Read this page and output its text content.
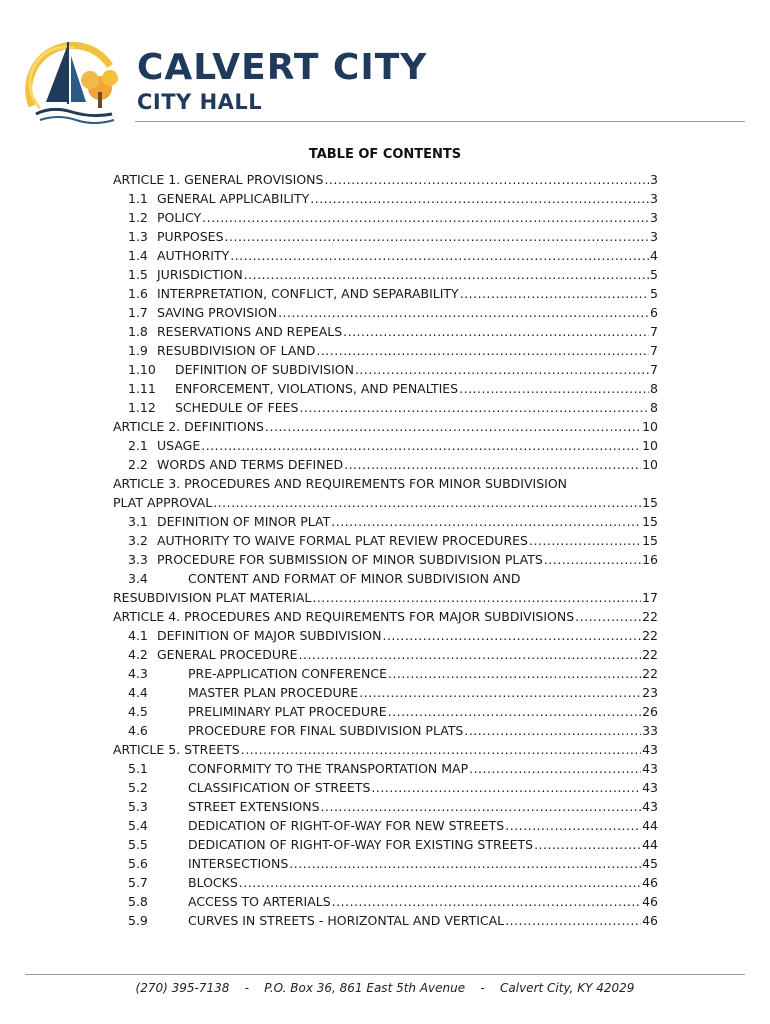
CALVERT CITY
CITY HALL
TABLE OF CONTENTS
ARTICLE 1. GENERAL PROVISIONS .....	3
1.1 GENERAL APPLICABILITY .....	3
1.2 POLICY .....	3
1.3 PURPOSES .....	3
1.4 AUTHORITY .....	4
1.5 JURISDICTION .....	5
1.6 INTERPRETATION, CONFLICT, AND SEPARABILITY .....	5
1.7 SAVING PROVISION .....	6
1.8 RESERVATIONS AND REPEALS .....	7
1.9 RESUBDIVISION OF LAND .....	7
1.10	DEFINITION OF SUBDIVISION .....	7
1.11	ENFORCEMENT, VIOLATIONS, AND PENALTIES .....	8
1.12	SCHEDULE OF FEES .....	8
ARTICLE 2. DEFINITIONS .....	10
2.1 USAGE .....	10
2.2 WORDS AND TERMS DEFINED .....	10
ARTICLE 3. PROCEDURES AND REQUIREMENTS FOR MINOR SUBDIVISION
PLAT APPROVAL .....	15
3.1 DEFINITION OF MINOR PLAT .....	15
3.2 AUTHORITY TO WAIVE FORMAL PLAT REVIEW PROCEDURES .....	15
3.3 PROCEDURE FOR SUBMISSION OF MINOR SUBDIVISION PLATS .....	16
3.4	CONTENT AND FORMAT OF MINOR SUBDIVISION AND
RESUBDIVISION PLAT MATERIAL .....	17
ARTICLE 4. PROCEDURES AND REQUIREMENTS FOR MAJOR SUBDIVISIONS .....	22
4.1 DEFINITION OF MAJOR SUBDIVISION .....	22
4.2 GENERAL PROCEDURE .....	22
4.3	PRE-APPLICATION CONFERENCE .....	22
4.4	MASTER PLAN PROCEDURE .....	23
4.5	PRELIMINARY PLAT PROCEDURE .....	26
4.6	PROCEDURE FOR FINAL SUBDIVISION PLATS .....	33
ARTICLE 5. STREETS .....	43
5.1	CONFORMITY TO THE TRANSPORTATION MAP .....	43
5.2	CLASSIFICATION OF STREETS .....	43
5.3	STREET EXTENSIONS .....	43
5.4	DEDICATION OF RIGHT-OF-WAY FOR NEW STREETS .....	44
5.5	DEDICATION OF RIGHT-OF-WAY FOR EXISTING STREETS .....	44
5.6	INTERSECTIONS .....	45
5.7	BLOCKS .....	46
5.8	ACCESS TO ARTERIALS .....	46
5.9	CURVES IN STREETS - HORIZONTAL AND VERTICAL .....	46
(270) 395-7138 - P.O. Box 36, 861 East 5th Avenue - Calvert City, KY 42029
